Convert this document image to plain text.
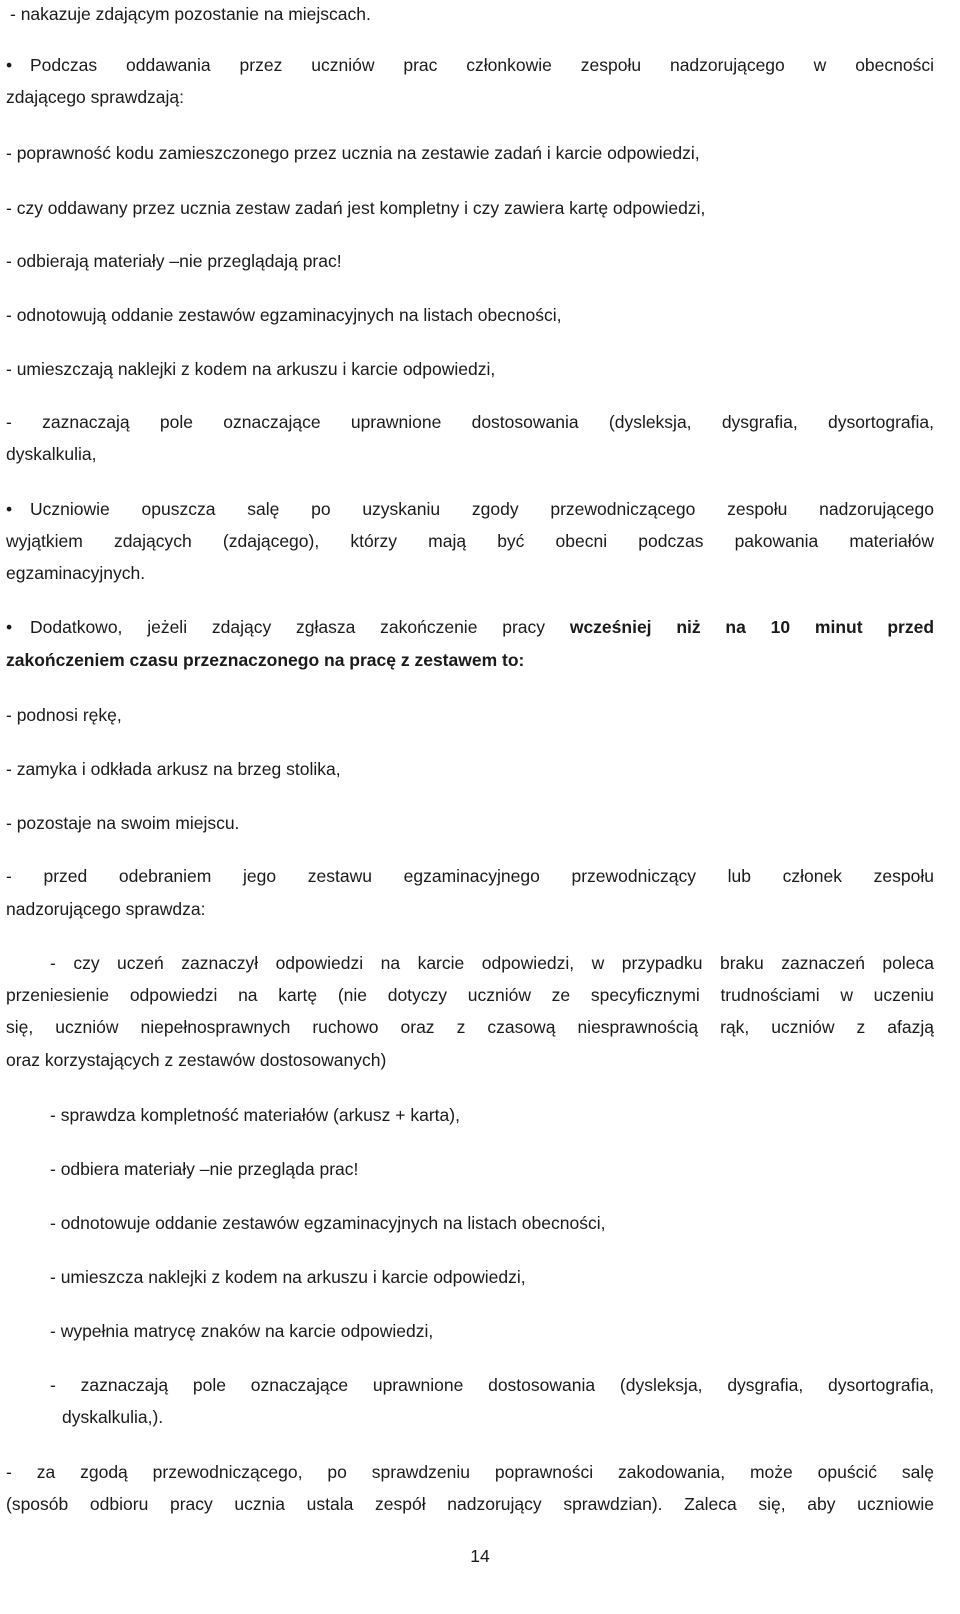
- nakazuje zdającym pozostanie na miejscach.
• Podczas oddawania przez uczniów prac członkowie zespołu nadzorującego w obecności
zdającego sprawdzają:
- poprawność kodu zamieszczonego przez ucznia na zestawie zadań i karcie odpowiedzi,
- czy oddawany przez ucznia zestaw zadań jest kompletny i czy zawiera kartę odpowiedzi,
- odbierają materiały –nie przeglądają prac!
- odnotowują oddanie zestawów egzaminacyjnych na listach obecności,
- umieszczają naklejki z kodem na arkuszu i karcie odpowiedzi,
- zaznaczają pole oznaczające uprawnione dostosowania (dysleksja, dysgrafia, dysortografia,
dyskalkulia,
• Uczniowie opuszcza salę po uzyskaniu zgody przewodniczącego zespołu nadzorującego
wyjątkiem zdających (zdającego), którzy mają być obecni podczas pakowania materiałów
egzaminacyjnych.
• Dodatkowo, jeżeli zdający zgłasza zakończenie pracy wcześniej niż na 10 minut przed
zakończeniem czasu przeznaczonego na pracę z zestawem to:
- podnosi rękę,
- zamyka i odkłada arkusz na brzeg stolika,
- pozostaje na swoim miejscu.
- przed odebraniem jego zestawu egzaminacyjnego przewodniczący lub członek zespołu
nadzorującego sprawdza:
- czy uczeń zaznaczył odpowiedzi na karcie odpowiedzi, w przypadku braku zaznaczeń poleca
przeniesienie odpowiedzi na kartę (nie dotyczy uczniów ze specyficznymi trudnościami w uczeniu
się, uczniów niepełnosprawnych ruchowo oraz z czasową niesprawnością rąk, uczniów z afazją
oraz korzystających z zestawów dostosowanych)
- sprawdza kompletność materiałów (arkusz + karta),
- odbiera materiały –nie przegląda prac!
- odnotowuje oddanie zestawów egzaminacyjnych na listach obecności,
- umieszcza naklejki z kodem na arkuszu i karcie odpowiedzi,
- wypełnia matrycę znaków na karcie odpowiedzi,
- zaznaczają pole oznaczające uprawnione dostosowania (dysleksja, dysgrafia, dysortografia,
dyskalkulia,).
- za zgodą przewodniczącego, po sprawdzeniu poprawności zakodowania, może opuścić salę
(sposób odbioru pracy ucznia ustala zespół nadzorujący sprawdzian). Zaleca się, aby uczniowie
14
